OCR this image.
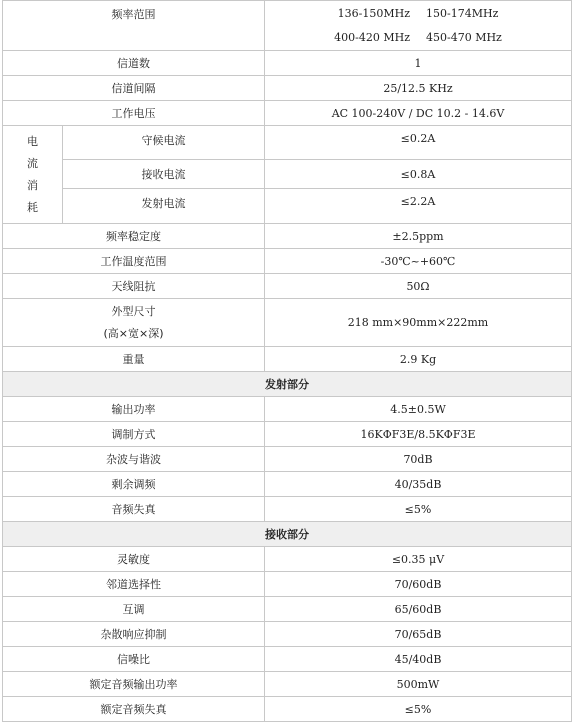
频率范围		136-150MHz 150-174MHz
400-420 MHz 450-470 MHz

信道数		1
信道间隔		25/12.5 KHz
工作电压		AC 100-240V / DC 10.2 - 14.6V

电
流
消
耗	守候电流	≤0.2A
	接收电流	≤0.8A
	发射电流	≤2.2A
频率稳定度		±2.5ppm
工作温度范围		-30℃~+60℃
天线阻抗		50Ω

外型尺寸
(高×宽×深)		218 mm×90mm×222mm
重量		2.9 Kg
发射部分		
输出功率		4.5±0.5W
调制方式		16KΦF3E/8.5KΦF3E
杂波与谐波		70dB
剩余调频		40/35dB
音频失真		≤5%
接收部分		
灵敏度		≤0.35 μV
邻道选择性		70/60dB
互调		65/60dB
杂散响应抑制		70/65dB
信噪比		45/40dB
额定音频输出功率		500mW
额定音频失真		≤5%
